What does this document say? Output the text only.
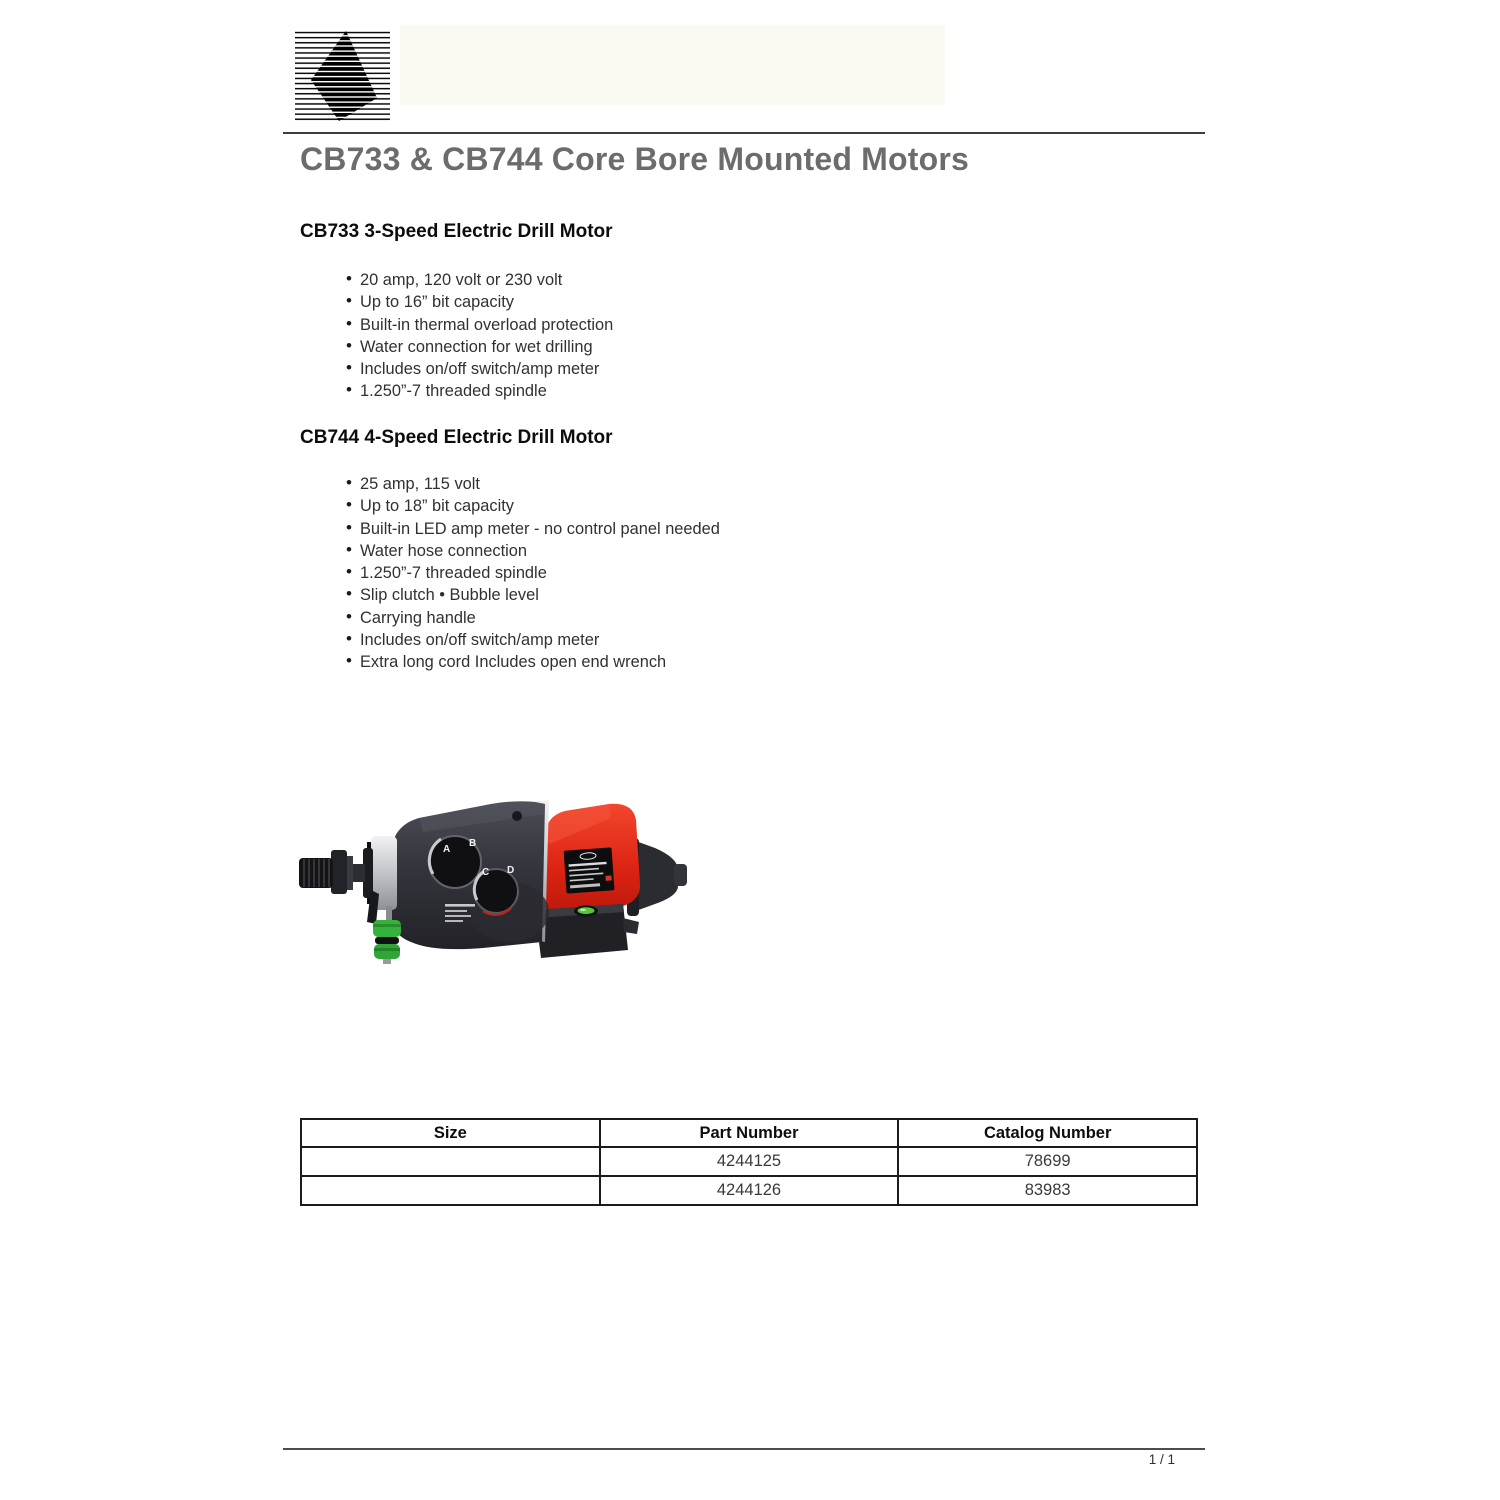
CB733 & CB744 Core Bore Mounted Motors
CB733 3-Speed Electric Drill Motor
• 20 amp, 120 volt or 230 volt
• Up to 16” bit capacity
• Built-in thermal overload protection
• Water connection for wet drilling
• Includes on/off switch/amp meter
• 1.250”-7 threaded spindle
CB744 4-Speed Electric Drill Motor
• 25 amp, 115 volt
• Up to 18” bit capacity
• Built-in LED amp meter - no control panel needed
• Water hose connection
• 1.250”-7 threaded spindle
• Slip clutch • Bubble level
• Carrying handle
• Includes on/off switch/amp meter
• Extra long cord Includes open end wrench
A
B
C D
Size	Part Number	Catalog Number
	4244125	78699
	4244126	83983
1 / 1
